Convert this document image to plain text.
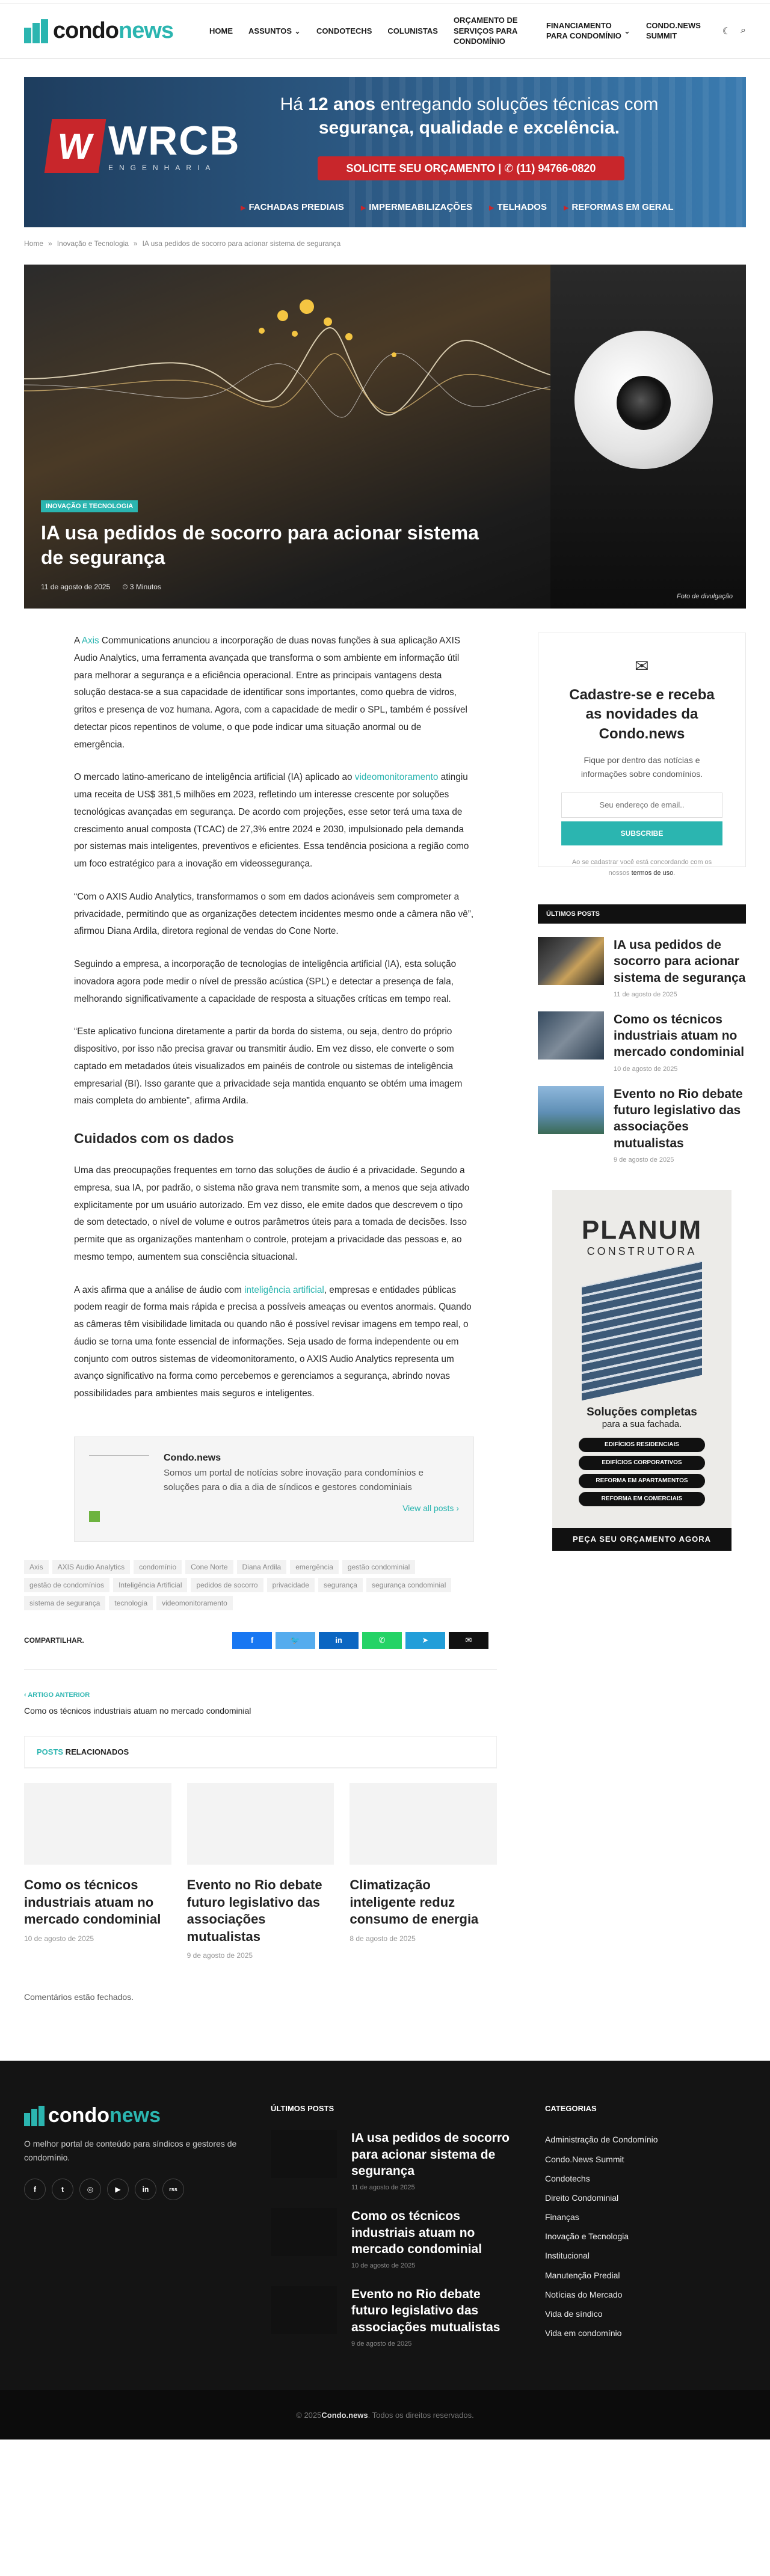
condonews	HOME ASSUNTOS ⌄ CONDOTECHS COLUNISTAS
ORÇAMENTO DE SERVIÇOS PARA CONDOMÍNIO
FINANCIAMENTO PARA CONDOMÍNIO
⌄
CONDO.NEWS SUMMIT	☾ ⌕
W WRCB
ENGENHARIA
Há 12 anos entregando soluções técnicas com
segurança, qualidade e excelência.
SOLICITE SEU ORÇAMENTO | ✆ (11) 94766-0820
▶ FACHADAS PREDIAIS	▶ IMPERMEABILIZAÇÕES	▶ TELHADOS	▶ REFORMAS EM GERAL
Home » Inovação e Tecnologia » IA usa pedidos de socorro para acionar sistema de segurança
INOVAÇÃO E TECNOLOGIA
IA usa pedidos de socorro para acionar sistema de segurança
11 de agosto de 2025 ⏱ 3 Minutos
Foto de divulgação

A Axis Communications anunciou a incorporação de duas novas funções à sua aplicação AXIS Audio Analytics, uma ferramenta avançada que transforma o som ambiente em informação útil para melhorar a segurança e a eficiência operacional. Entre as principais vantagens desta solução destaca-se a sua capacidade de identificar sons importantes, como quebra de vidros, gritos e presença de voz humana. Agora, com a capacidade de medir o SPL, também é possível detectar picos repentinos de volume, o que pode indicar uma situação anormal ou de emergência.

O mercado latino-americano de inteligência artificial (IA) aplicado ao videomonitoramento atingiu uma receita de US$ 381,5 milhões em 2023, refletindo um interesse crescente por soluções tecnológicas avançadas em segurança. De acordo com projeções, esse setor terá uma taxa de crescimento anual composta (TCAC) de 27,3% entre 2024 e 2030, impulsionado pela demanda por sistemas mais inteligentes, preventivos e eficientes. Essa tendência posiciona a região como um foco estratégico para a inovação em videossegurança.

“Com o AXIS Audio Analytics, transformamos o som em dados acionáveis sem comprometer a privacidade, permitindo que as organizações detectem incidentes mesmo onde a câmera não vê”, afirmou Diana Ardila, diretora regional de vendas do Cone Norte.

Seguindo a empresa, a incorporação de tecnologias de inteligência artificial (IA), esta solução inovadora agora pode medir o nível de pressão acústica (SPL) e detectar a presença de fala, melhorando significativamente a capacidade de resposta a situações críticas em tempo real.

“Este aplicativo funciona diretamente a partir da borda do sistema, ou seja, dentro do próprio dispositivo, por isso não precisa gravar ou transmitir áudio. Em vez disso, ele converte o som captado em metadados úteis visualizados em painéis de controle ou sistemas de inteligência empresarial (BI). Isso garante que a privacidade seja mantida enquanto se obtém uma imagem mais completa do ambiente”, afirma Ardila.

Cuidados com os dados

Uma das preocupações frequentes em torno das soluções de áudio é a privacidade. Segundo a empresa, sua IA, por padrão, o sistema não grava nem transmite som, a menos que seja ativado explicitamente por um usuário autorizado. Em vez disso, ele emite dados que descrevem o tipo de som detectado, o nível de volume e outros parâmetros úteis para a tomada de decisões. Isso permite que as organizações mantenham o controle, protejam a privacidade das pessoas e, ao mesmo tempo, aumentem sua consciência situacional.

A axis afirma que a análise de áudio com inteligência artificial, empresas e entidades públicas podem reagir de forma mais rápida e precisa a possíveis ameaças ou eventos anormais. Quando as câmeras têm visibilidade limitada ou quando não é possível revisar imagens em tempo real, o áudio se torna uma fonte essencial de informações. Seja usado de forma independente ou em conjunto com outros sistemas de videomonitoramento, o AXIS Audio Analytics representa um avanço significativo na forma como percebemos e gerenciamos a segurança, abrindo novas possibilidades para ambientes mais seguros e inteligentes.

Condo.news
Somos um portal de notícias sobre inovação para condomínios e soluções para o dia a dia de síndicos e gestores condominiais
View all posts ›
Axis	AXIS Audio Analytics	condomínio	Cone Norte	Diana Ardila	emergência	gestão condominial
gestão de condomínios	Inteligência Artificial	pedidos de socorro	privacidade	segurança	segurança condominial
sistema de segurança	tecnologia	videomonitoramento
COMPARTILHAR.	f	🐦	in	✆	➤	✉
‹ ARTIGO ANTERIOR
Como os técnicos industriais atuam no mercado condominial
POSTS RELACIONADOS
Como os técnicos industriais atuam no mercado condominial
10 de agosto de 2025
Evento no Rio debate futuro legislativo das associações mutualistas
9 de agosto de 2025
Climatização inteligente reduz consumo de energia
8 de agosto de 2025
Comentários estão fechados.
✉
Cadastre-se e receba as novidades da Condo.news
Fique por dentro das notícias e informações sobre condomínios.
Seu endereço de email.. SUBSCRIBE
Ao se cadastrar você está concordando com os nossos termos de uso.
ÚLTIMOS POSTS
IA usa pedidos de socorro para acionar sistema de segurança
11 de agosto de 2025
Como os técnicos industriais atuam no mercado condominial
10 de agosto de 2025
Evento no Rio debate futuro legislativo das associações mutualistas
9 de agosto de 2025
PLANUM
CONSTRUTORA
Soluções completas
para a sua fachada.
EDIFÍCIOS RESIDENCIAIS
EDIFÍCIOS CORPORATIVOS
REFORMA EM APARTAMENTOS
REFORMA EM COMERCIAIS
PEÇA SEU ORÇAMENTO AGORA
condonews
O melhor portal de conteúdo para síndicos e gestores de condomínio.
f	t	◎	▶	in	rss
ÚLTIMOS POSTS
IA usa pedidos de socorro para acionar sistema de segurança
11 de agosto de 2025
Como os técnicos industriais atuam no mercado condominial
10 de agosto de 2025
Evento no Rio debate futuro legislativo das associações mutualistas
9 de agosto de 2025
CATEGORIAS
Administração de Condomínio
Condo.News Summit
Condotechs
Direito Condominial
Finanças
Inovação e Tecnologia
Institucional
Manutenção Predial
Notícias do Mercado
Vida de síndico
Vida em condomínio
© 2025 Condo.news . Todos os direitos reservados.
